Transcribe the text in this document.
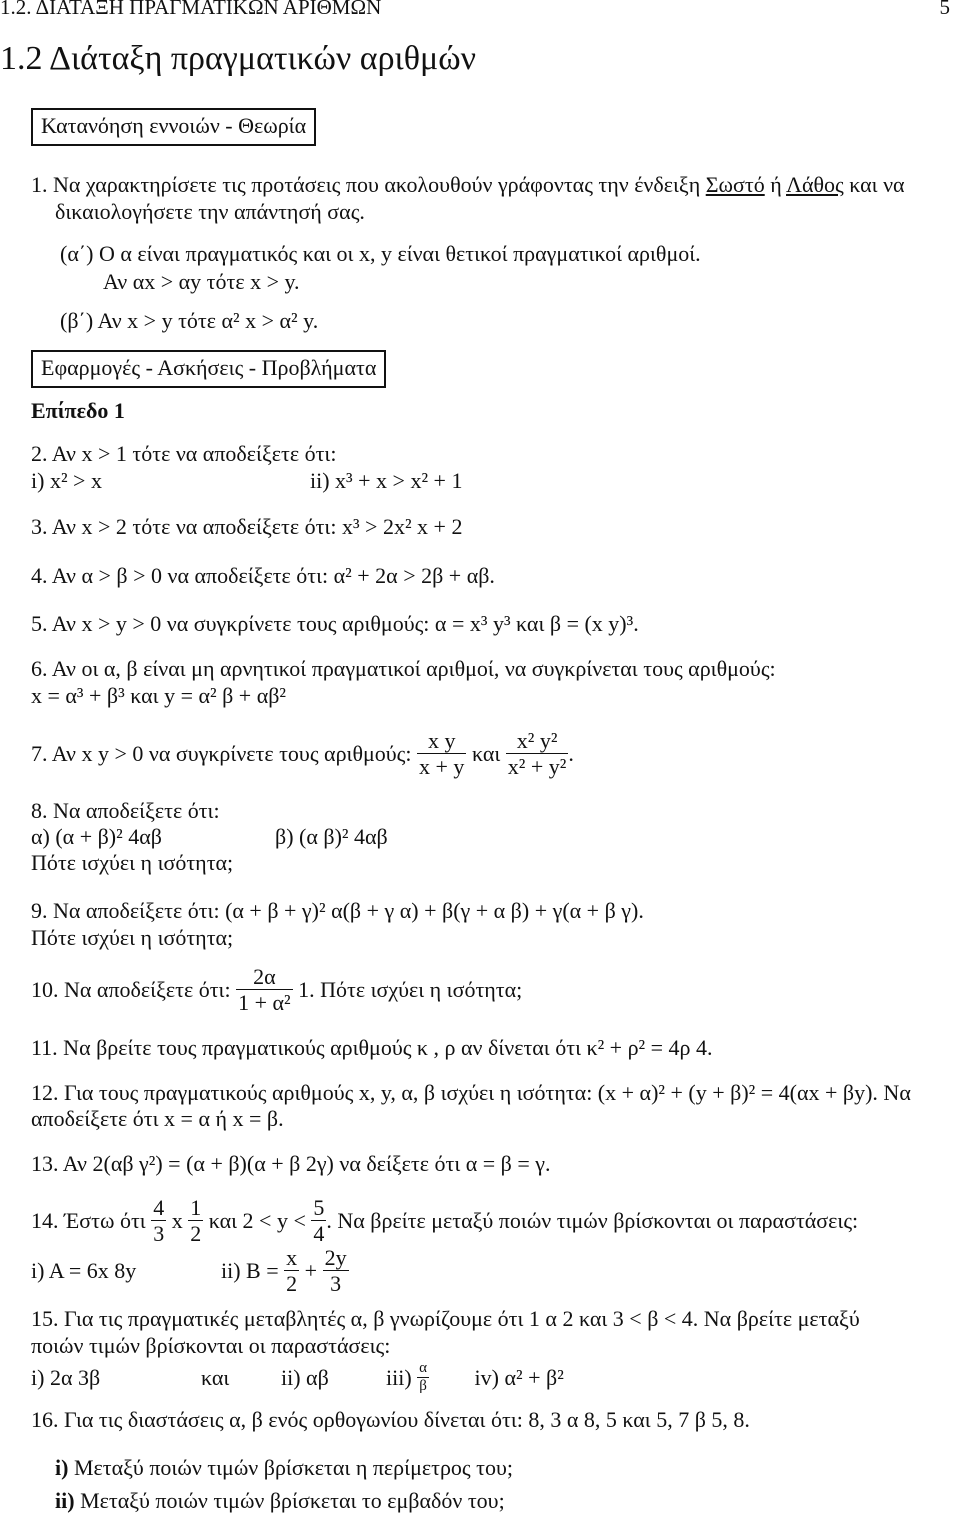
1.2. ΔΙΑΤΑΞΗ ΠΡΑΓΜΑΤΙΚΩΝ ΑΡΙΘΜΩΝ	5
1.2 Διάταξη πραγματικών αριθμών
Κατανόηση εννοιών - Θεωρία
1. Να χαρακτηρίσετε τις προτάσεις που ακολουθούν γράφοντας την ένδειξη Σωστό ή Λάθος και να
δικαιολογήσετε την απάντησή σας.
(α΄) Ο α είναι πραγματικός και οι x, y είναι θετικοί πραγματικοί αριθμοί.
Αν αx > αy τότε x > y.
(β΄) Αν x > y τότε α² x > α² y.
Εφαρμογές - Ασκήσεις - Προβλήματα
Επίπεδο 1
2. Αν x > 1 τότε να αποδείξετε ότι:
i) x² > x	ii) x³ + x > x² + 1
3. Αν x > 2 τότε να αποδείξετε ότι: x³ > 2x² x + 2
4. Αν α > β > 0 να αποδείξετε ότι: α² + 2α > 2β + αβ.
5. Αν x > y > 0 να συγκρίνετε τους αριθμούς: α = x³ y³ και β = (x y)³.
6. Αν οι α, β είναι μη αρνητικοί πραγματικοί αριθμοί, να συγκρίνεται τους αριθμούς:
x = α³ + β³ και y = α² β + αβ²
7. Αν x y > 0 να συγκρίνετε τους αριθμούς: $\frac{\text{x y}}{x + y}$ και $\frac{\text{x² y²}}{\text{x² + y²}}$ .
8. Να αποδείξετε ότι:
α) (α + β)² 4αβ	β) (α β)² 4αβ
Πότε ισχύει η ισότητα;
9. Να αποδείξετε ότι: (α + β + γ)² α(β + γ α) + β(γ + α β) + γ(α + β γ).
Πότε ισχύει η ισότητα;
10. Να αποδείξετε ότι: $\frac{2\alpha}{\text{1 + α²}} 1$. Πότε ισχύει η ισότητα;
11. Να βρείτε τους πραγματικούς αριθμούς κ , ρ αν δίνεται ότι κ² + ρ² = 4ρ 4.
12. Για τους πραγματικούς αριθμούς x, y, α, β ισχύει η ισότητα: (x + α)² + (y + β)² = 4(αx + βy). Να
αποδείξετε ότι x = α ή x = β.
13. Αν 2(αβ γ²) = (α + β)(α + β 2γ) να δείξετε ότι α = β = γ.
14. Έστω ότι $\frac{4}{3}$ x $\frac{1}{2}$ και $2 < y < \frac{5}{4}$ . Να βρείτε μεταξύ ποιών τιμών βρίσκονται οι παραστάσεις:
i) A = 6x 8y	ii) $B = \frac{x}{2} + \frac{2y}{3}$
15. Για τις πραγματικές μεταβλητές α, β γνωρίζουμε ότι 1 α 2 και 3 < β < 4. Να βρείτε μεταξύ
ποιών τιμών βρίσκονται οι παραστάσεις:
i) 2α 3β	και ii) αβ	$iii) \frac{\alpha}{\beta} iv$) α² + β²
16. Για τις διαστάσεις α, β ενός ορθογωνίου δίνεται ότι: 8, 3 α 8, 5 και 5, 7 β 5, 8.
i) Μεταξύ ποιών τιμών βρίσκεται η περίμετρος του;
ii) Μεταξύ ποιών τιμών βρίσκεται το εμβαδόν του;
